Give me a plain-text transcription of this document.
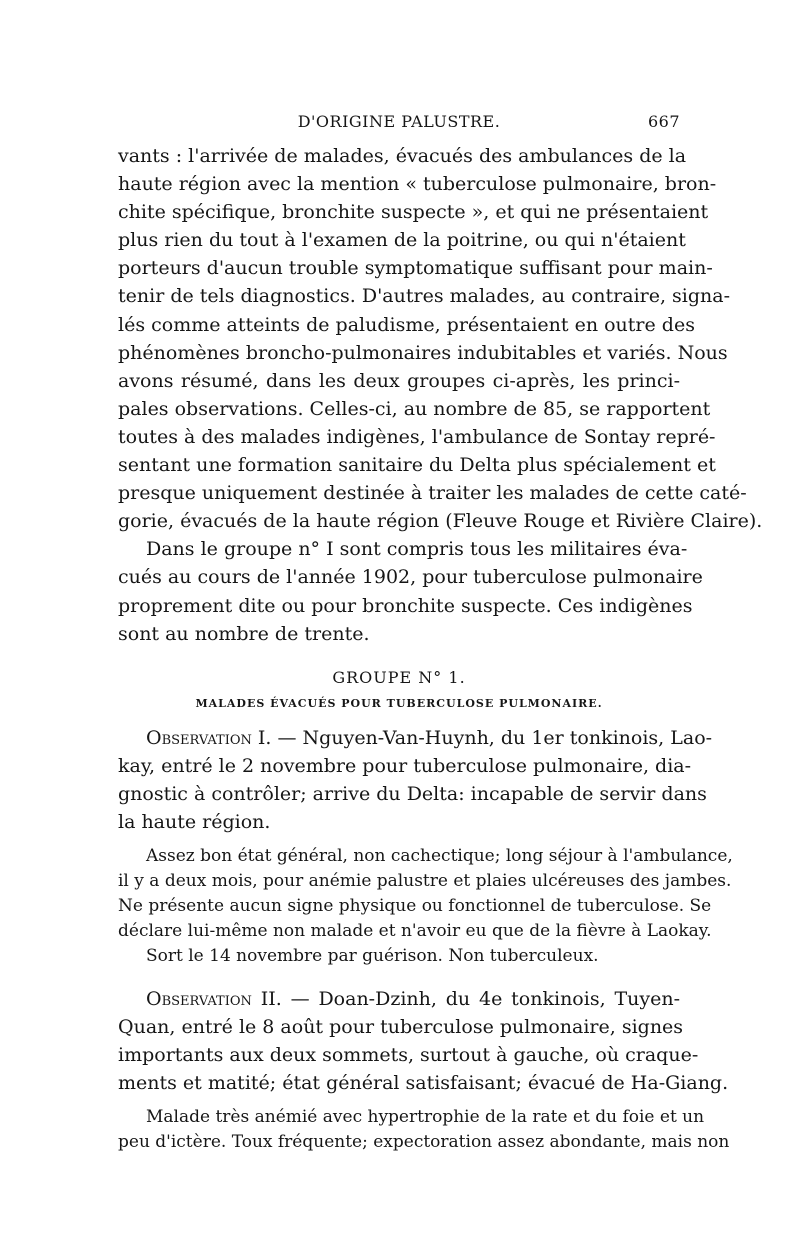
D'ORIGINE PALUSTRE.	667
vants : l'arrivée de malades, évacués des ambulances de la
haute région avec la mention « tuberculose pulmonaire, bron-
chite spécifique, bronchite suspecte », et qui ne présentaient
plus rien du tout à l'examen de la poitrine, ou qui n'étaient
porteurs d'aucun trouble symptomatique suffisant pour main-
tenir de tels diagnostics. D'autres malades, au contraire, signa-
lés comme atteints de paludisme, présentaient en outre des
phénomènes broncho-pulmonaires indubitables et variés. Nous
avons résumé, dans les deux groupes ci-après, les princi-
pales observations. Celles-ci, au nombre de 85, se rapportent
toutes à des malades indigènes, l'ambulance de Sontay repré-
sentant une formation sanitaire du Delta plus spécialement et
presque uniquement destinée à traiter les malades de cette caté-
gorie, évacués de la haute région (Fleuve Rouge et Rivière Claire).
Dans le groupe n° I sont compris tous les militaires éva-
cués au cours de l'année 1902, pour tuberculose pulmonaire
proprement dite ou pour bronchite suspecte. Ces indigènes
sont au nombre de trente.
GROUPE N° 1.
MALADES ÉVACUÉS POUR TUBERCULOSE PULMONAIRE.
Observation I. — Nguyen-Van-Huynh, du 1er tonkinois, Lao-
kay, entré le 2 novembre pour tuberculose pulmonaire, dia-
gnostic à contrôler; arrive du Delta: incapable de servir dans
la haute région.
Assez bon état général, non cachectique; long séjour à l'ambulance,
il y a deux mois, pour anémie palustre et plaies ulcéreuses des jambes.
Ne présente aucun signe physique ou fonctionnel de tuberculose. Se
déclare lui-même non malade et n'avoir eu que de la fièvre à Laokay.
Sort le 14 novembre par guérison. Non tuberculeux.
Observation II. — Doan-Dzinh, du 4e tonkinois, Tuyen-
Quan, entré le 8 août pour tuberculose pulmonaire, signes
importants aux deux sommets, surtout à gauche, où craque-
ments et matité; état général satisfaisant; évacué de Ha-Giang.
Malade très anémié avec hypertrophie de la rate et du foie et un
peu d'ictère. Toux fréquente; expectoration assez abondante, mais non
